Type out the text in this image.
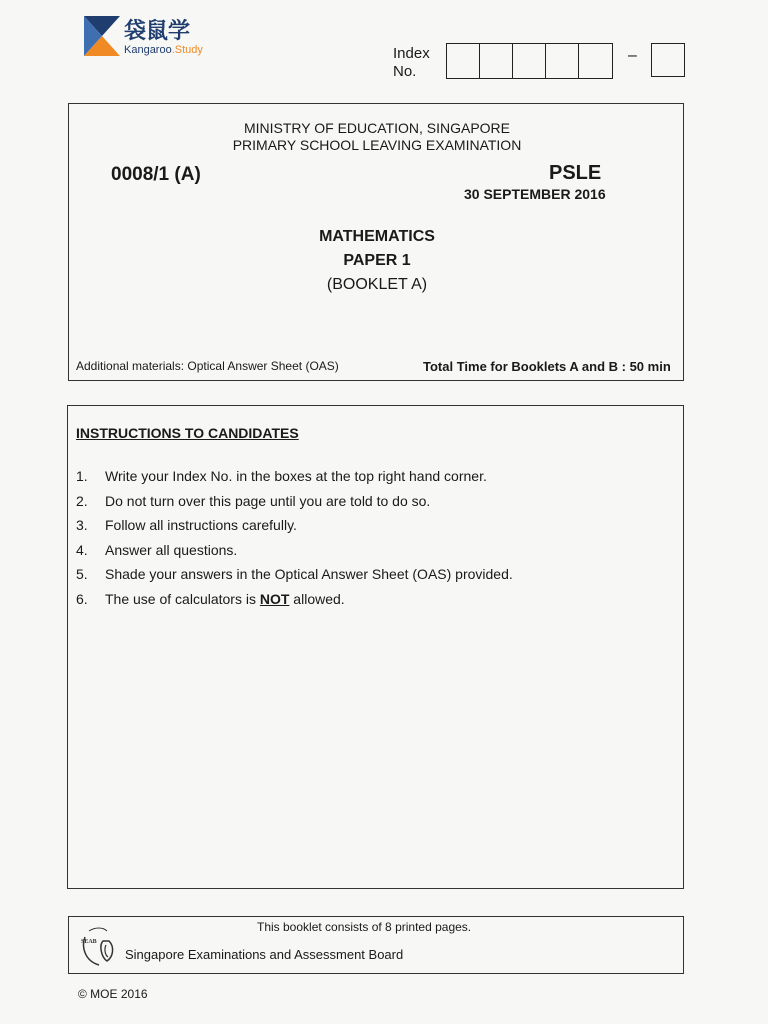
袋鼠学
Kangaroo.Study	Index
No.
–
MINISTRY OF EDUCATION, SINGAPORE
PRIMARY SCHOOL LEAVING EXAMINATION
0008/1 (A)	PSLE
30 SEPTEMBER 2016
MATHEMATICS
PAPER 1
(BOOKLET A)
Additional materials: Optical Answer Sheet (OAS)	Total Time for Booklets A and B : 50 min
INSTRUCTIONS TO CANDIDATES
1. Write your Index No. in the boxes at the top right hand corner.
2. Do not turn over this page until you are told to do so.
3. Follow all instructions carefully.
4. Answer all questions.
5. Shade your answers in the Optical Answer Sheet (OAS) provided.
6. The use of calculators is NOT allowed.
This booklet consists of 8 printed pages.
SEAB
Singapore Examinations and Assessment Board
© MOE 2016
